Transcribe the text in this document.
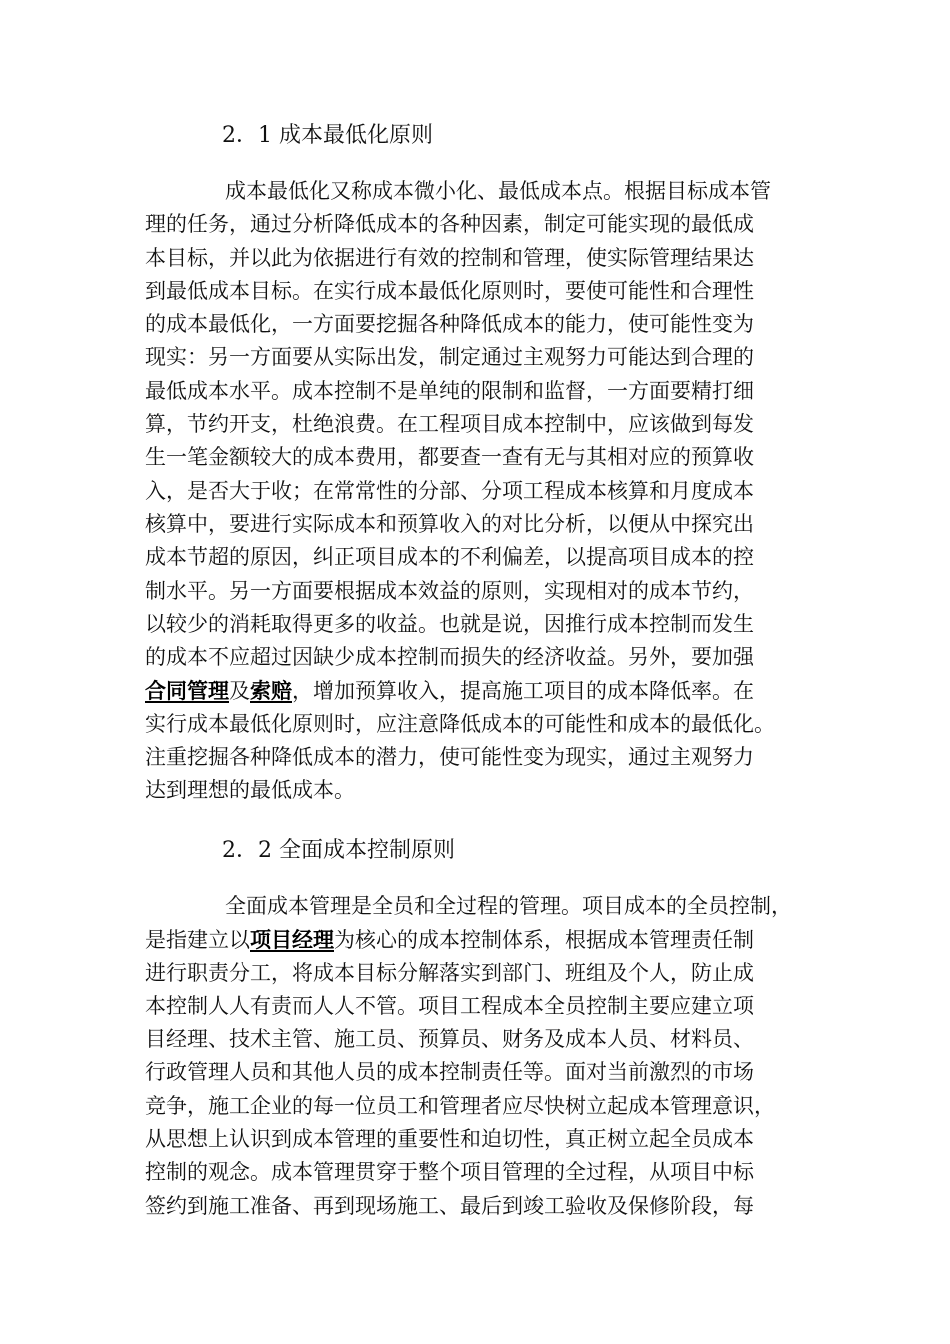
2．1 成本最低化原则
成本最低化又称成本微小化、最低成本点。根据目标成本管
理的任务，通过分析降低成本的各种因素，制定可能实现的最低成
本目标，并以此为依据进行有效的控制和管理，使实际管理结果达
到最低成本目标。在实行成本最低化原则时，要使可能性和合理性
的成本最低化，一方面要挖掘各种降低成本的能力，使可能性变为
现实：另一方面要从实际出发，制定通过主观努力可能达到合理的
最低成本水平。成本控制不是单纯的限制和监督，一方面要精打细
算，节约开支，杜绝浪费。在工程项目成本控制中，应该做到每发
生一笔金额较大的成本费用，都要查一查有无与其相对应的预算收
入，是否大于收；在常常性的分部、分项工程成本核算和月度成本
核算中，要进行实际成本和预算收入的对比分析，以便从中探究出
成本节超的原因，纠正项目成本的不利偏差，以提高项目成本的控
制水平。另一方面要根据成本效益的原则，实现相对的成本节约，
以较少的消耗取得更多的收益。也就是说，因推行成本控制而发生
的成本不应超过因缺少成本控制而损失的经济收益。另外，要加强
合同管理及索赔，增加预算收入，提高施工项目的成本降低率。在
实行成本最低化原则时，应注意降低成本的可能性和成本的最低化。
注重挖掘各种降低成本的潜力，使可能性变为现实，通过主观努力
达到理想的最低成本。
2．2 全面成本控制原则
全面成本管理是全员和全过程的管理。项目成本的全员控制，
是指建立以项目经理为核心的成本控制体系，根据成本管理责任制
进行职责分工，将成本目标分解落实到部门、班组及个人，防止成
本控制人人有责而人人不管。项目工程成本全员控制主要应建立项
目经理、技术主管、施工员、预算员、财务及成本人员、材料员、
行政管理人员和其他人员的成本控制责任等。面对当前激烈的市场
竞争，施工企业的每一位员工和管理者应尽快树立起成本管理意识，
从思想上认识到成本管理的重要性和迫切性，真正树立起全员成本
控制的观念。成本管理贯穿于整个项目管理的全过程，从项目中标
签约到施工准备、再到现场施工、最后到竣工验收及保修阶段，每
